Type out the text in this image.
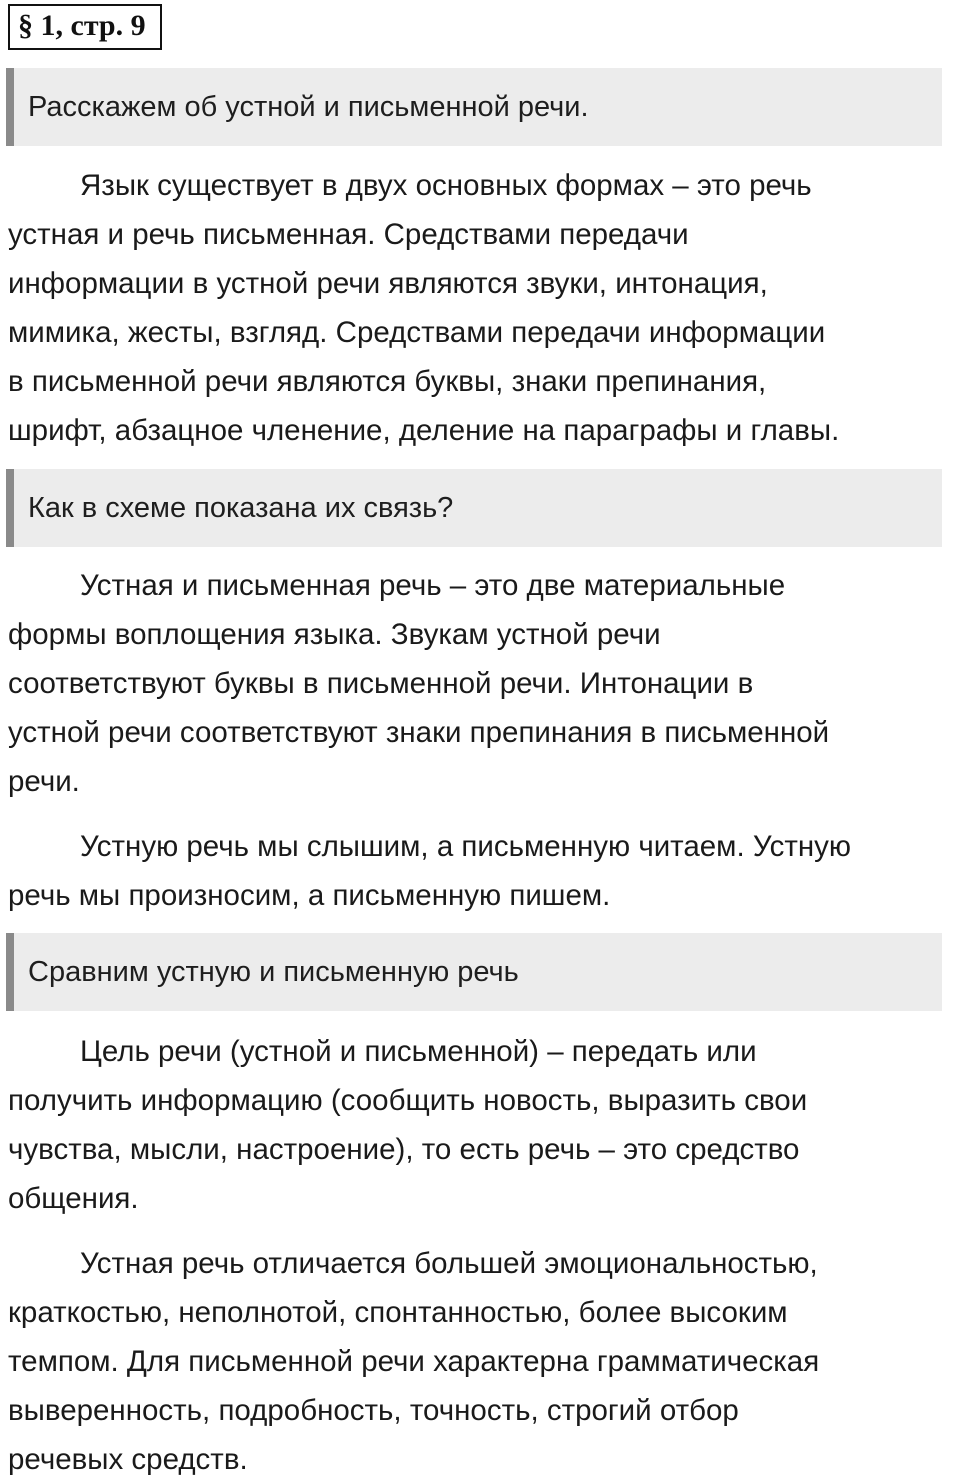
§ 1, стр. 9
Расскажем об устной и письменной речи.

Язык существует в двух основных формах – это речь
устная и речь письменная. Средствами передачи
информации в устной речи являются звуки, интонация,
мимика, жесты, взгляд. Средствами передачи информации
в письменной речи являются буквы, знаки препинания,
шрифт, абзацное членение, деление на параграфы и главы.

Как в схеме показана их связь?

Устная и письменная речь – это две материальные
формы воплощения языка. Звукам устной речи
соответствуют буквы в письменной речи. Интонации в
устной речи соответствуют знаки препинания в письменной
речи.

Устную речь мы слышим, а письменную читаем. Устную
речь мы произносим, а письменную пишем.

Сравним устную и письменную речь

Цель речи (устной и письменной) – передать или
получить информацию (сообщить новость, выразить свои
чувства, мысли, настроение), то есть речь – это средство
общения.

Устная речь отличается большей эмоциональностью,
краткостью, неполнотой, спонтанностью, более высоким
темпом. Для письменной речи характерна грамматическая
выверенность, подробность, точность, строгий отбор
речевых средств.
